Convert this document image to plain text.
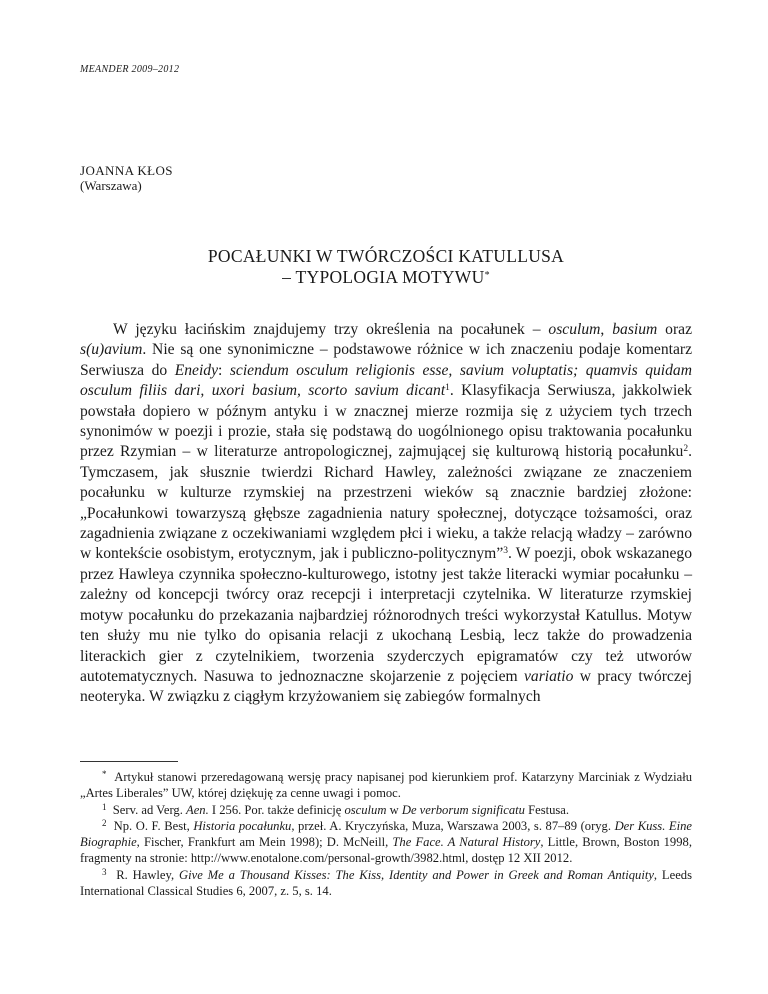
MEANDER 2009–2012
JOANNA KŁOS
(Warszawa)
POCAŁUNKI W TWÓRCZOŚCI KATULLUSA
– TYPOLOGIA MOTYWU*

W języku łacińskim znajdujemy trzy określenia na pocałunek – osculum, basium oraz s(u)avium. Nie są one synonimiczne – podstawowe różnice w ich znaczeniu podaje komentarz Serwiusza do Eneidy: sciendum osculum religionis esse, savium voluptatis; quamvis quidam osculum filiis dari, uxori basium, scorto savium dicant$^1$. Klasyfikacja Serwiusza, jakkolwiek powstała dopiero w późnym antyku i w znacznej mierze rozmija się z użyciem tych trzech synonimów w poezji i prozie, stała się podstawą do uogólnionego opisu traktowania pocałunku przez Rzymian – w literaturze antropologicznej, zajmującej się kulturową historią pocałunku$^2$. Tymczasem, jak słusznie twierdzi Richard Hawley, zależności związane ze znaczeniem pocałunku w kulturze rzymskiej na przestrzeni wieków są znacznie bardziej złożone: „Pocałunkowi towarzyszą głębsze zagadnienia natury społecznej, dotyczące tożsamości, oraz zagadnienia związane z oczekiwaniami względem płci i wieku, a także relacją władzy – zarówno w kontekście osobistym, erotycznym, jak i publiczno-politycznym”$^3$. W poezji, obok wskazanego przez Hawleya czynnika społeczno-kulturowego, istotny jest także literacki wymiar pocałunku – zależny od koncepcji twórcy oraz recepcji i interpretacji czytelnika. W literaturze rzymskiej motyw pocałunku do przekazania najbardziej różnorodnych treści wykorzystał Katullus. Motyw ten służy mu nie tylko do opisania relacji z ukochaną Lesbią, lecz także do prowadzenia literackich gier z czytelnikiem, tworzenia szyderczych epigramatów czy też utworów autotematycznych. Nasuwa to jednoznaczne skojarzenie z pojęciem variatio w pracy twórczej neoteryka. W związku z ciągłym krzyżowaniem się zabiegów formalnych

* Artykuł stanowi przeredagowaną wersję pracy napisanej pod kierunkiem prof. Katarzyny Marciniak z Wydziału „Artes Liberales” UW, której dziękuję za cenne uwagi i pomoc.

$^1$ Serv. ad Verg. Aen. I 256. Por. także definicję osculum w De verborum significatu Festusa.

$^2$ Np. O. F. Best, Historia pocałunku, przeł. A. Kryczyńska, Muza, Warszawa 2003, s. 87–89 (oryg. Der Kuss. Eine Biographie, Fischer, Frankfurt am Mein 1998); D. McNeill, The Face. A Natural History, Little, Brown, Boston 1998, fragmenty na stronie: http://www.enotalone.com/personal-growth/3982.html, dostęp 12 XII 2012.

$^3$ R. Hawley, Give Me a Thousand Kisses: The Kiss, Identity and Power in Greek and Roman Antiquity, Leeds International Classical Studies 6, 2007, z. 5, s. 14.
